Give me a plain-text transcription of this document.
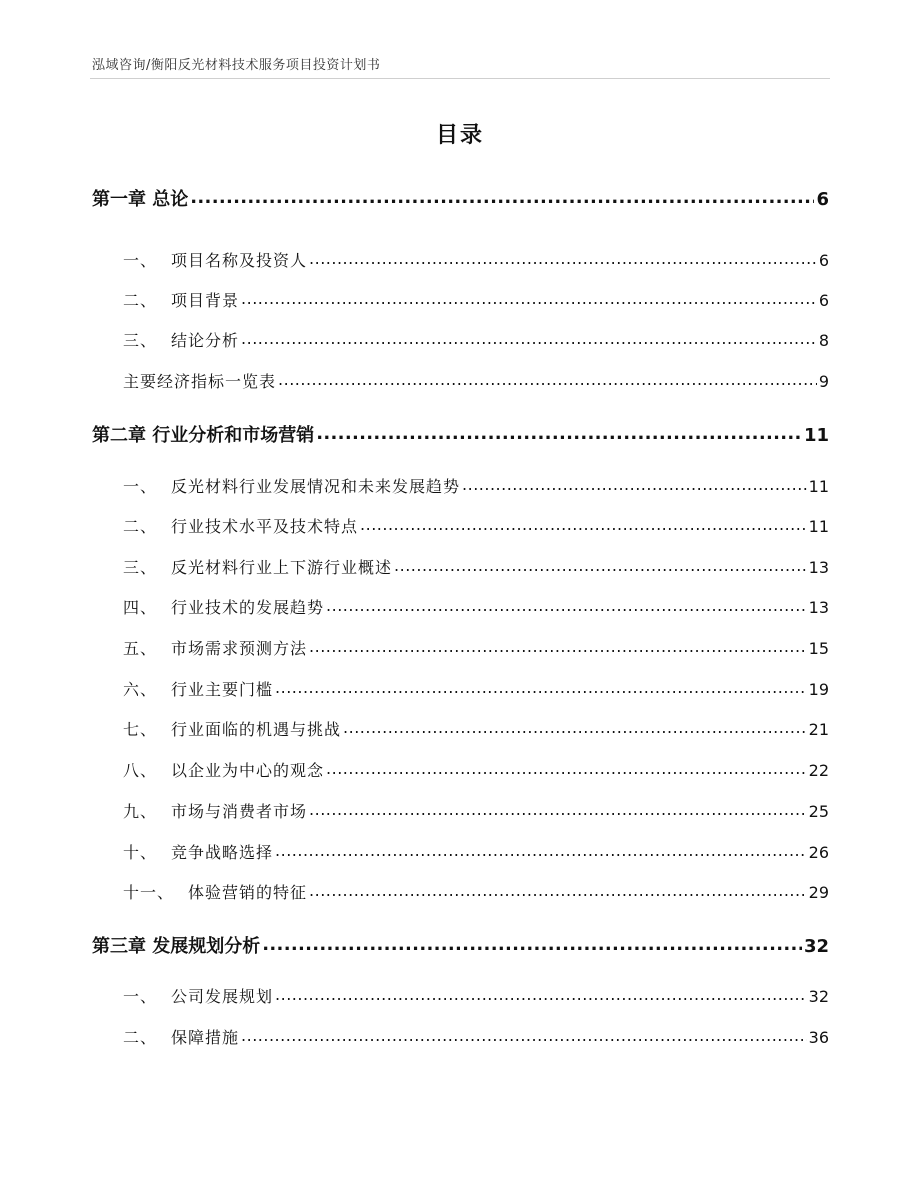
泓域咨询/衡阳反光材料技术服务项目投资计划书
目录
第一章 总论 .....	6
一、 项目名称及投资人 .....	6
二、 项目背景 .....	6
三、 结论分析 .....	8
主要经济指标一览表 .....	9
第二章 行业分析和市场营销 .....	11
一、 反光材料行业发展情况和未来发展趋势 .....	11
二、 行业技术水平及技术特点 .....	11
三、 反光材料行业上下游行业概述 .....	13
四、 行业技术的发展趋势 .....	13
五、 市场需求预测方法 .....	15
六、 行业主要门槛 .....	19
七、 行业面临的机遇与挑战 .....	21
八、 以企业为中心的观念 .....	22
九、 市场与消费者市场 .....	25
十、 竞争战略选择 .....	26
十一、 体验营销的特征 .....	29
第三章 发展规划分析 .....	32
一、 公司发展规划 .....	32
二、 保障措施 .....	36
